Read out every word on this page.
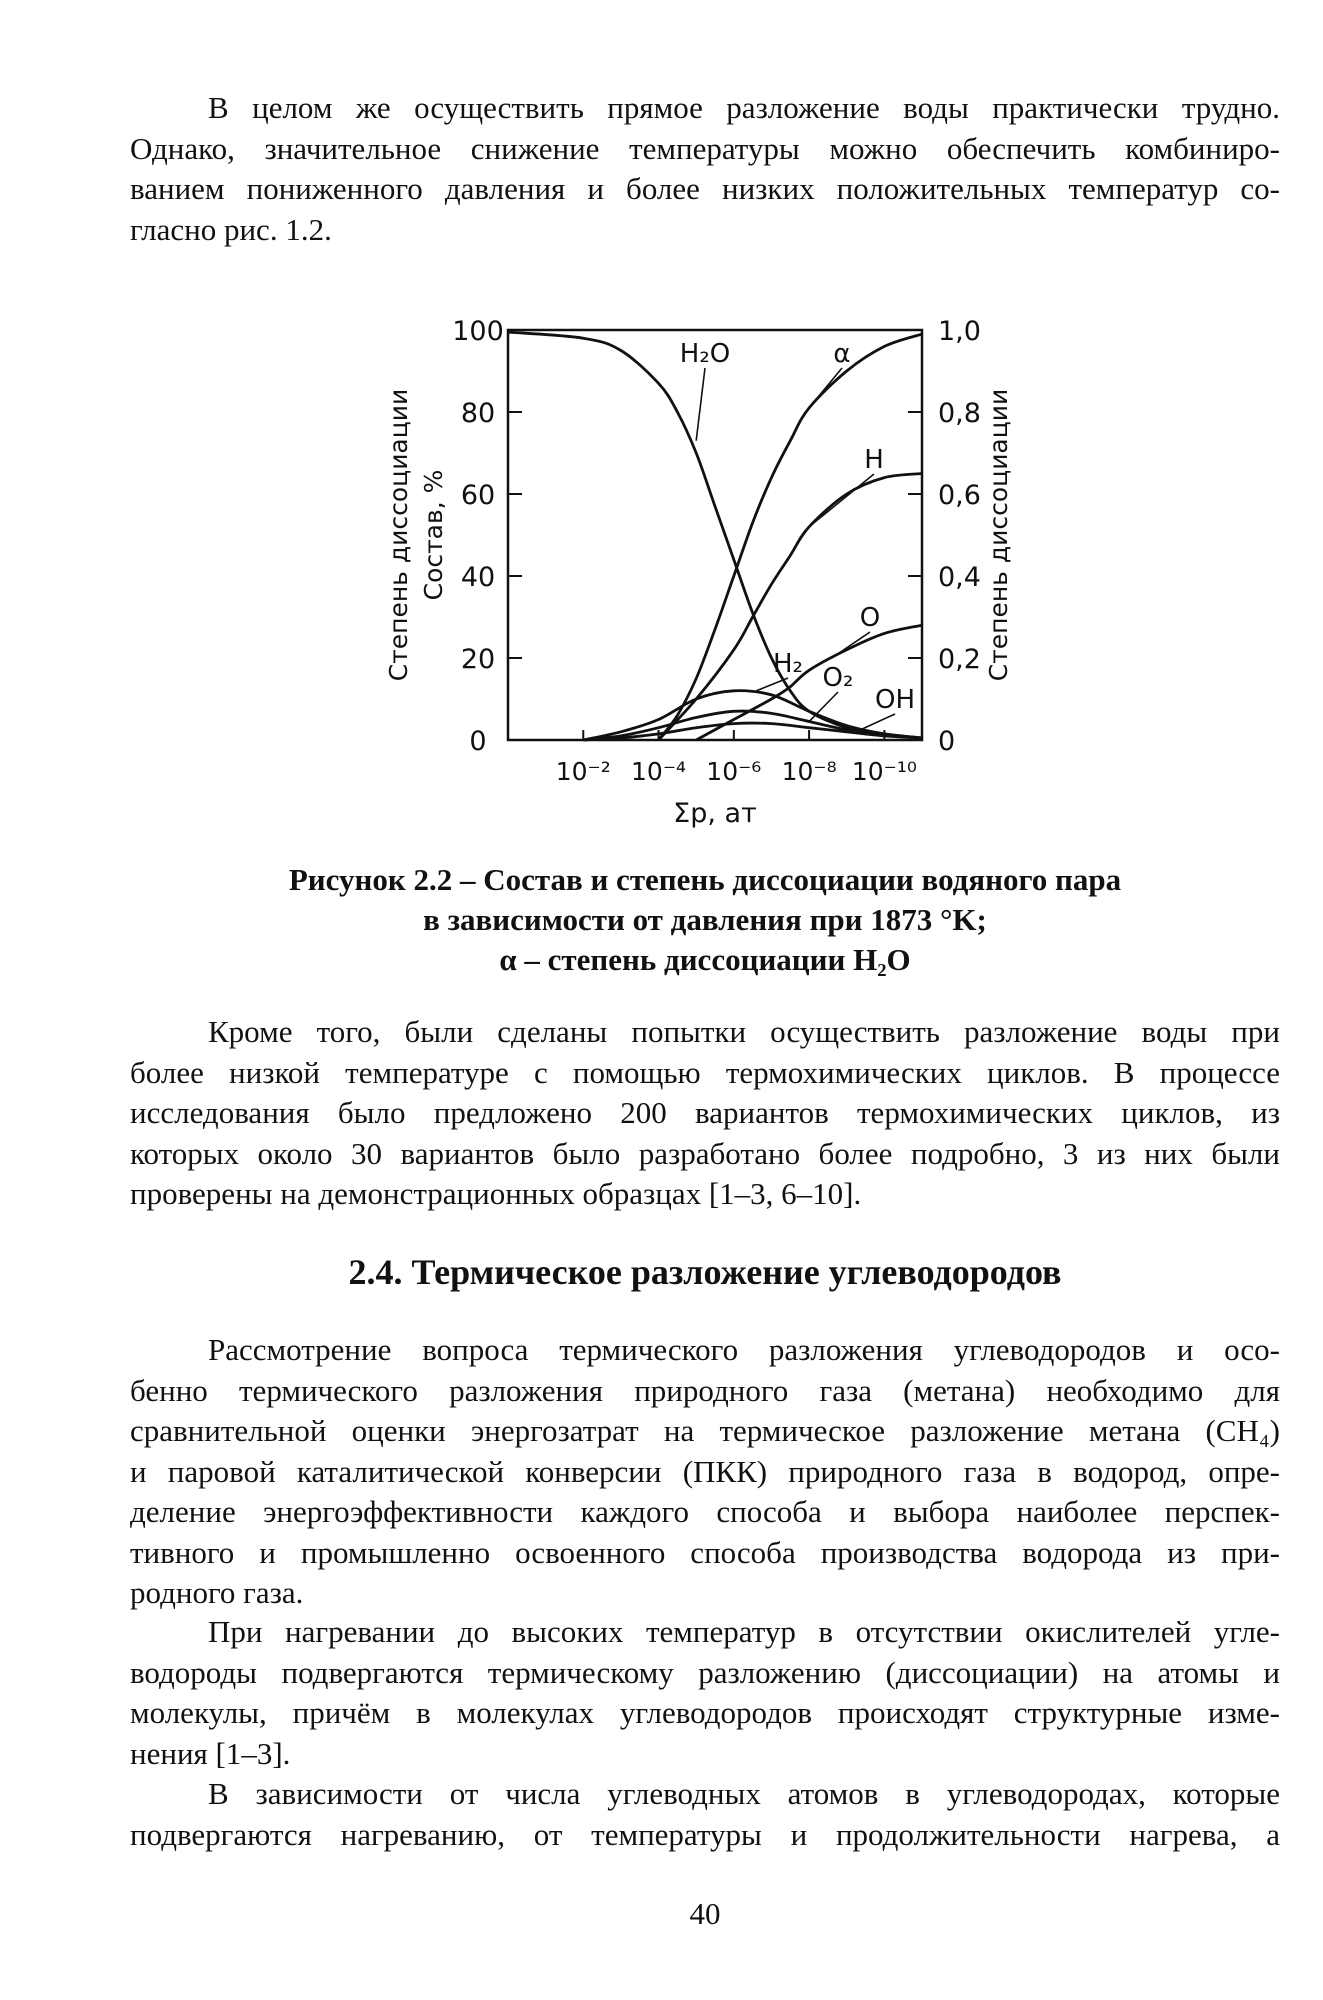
В целом же осуществить прямое разложение воды практически трудно.
Однако, значительное снижение температуры можно обеспечить комбиниро-
ванием пониженного давления и более низких положительных температур со-
гласно рис. 1.2.
0
20
40
60
80
100
0
0,2
0,4
0,6
0,8
1,0
10⁻² 10⁻⁴ 10⁻⁶ 10⁻⁸ 10⁻¹⁰
Σр, ат
Степень диссоциации Состав, %	Степень диссоциации
H₂O	α
H
O
H₂ O₂
OH
Рисунок 2.2 – Состав и степень диссоциации водяного пара
в зависимости от давления при 1873 °K;
α – степень диссоциации H₂O
Кроме того, были сделаны попытки осуществить разложение воды при
более низкой температуре с помощью термохимических циклов. В процессе
исследования было предложено 200 вариантов термохимических циклов, из
которых около 30 вариантов было разработано более подробно, 3 из них были
проверены на демонстрационных образцах [1–3, 6–10].
2.4. Термическое разложение углеводородов
Рассмотрение вопроса термического разложения углеводородов и осо-
бенно термического разложения природного газа (метана) необходимо для
сравнительной оценки энергозатрат на термическое разложение метана (CH₄)
и паровой каталитической конверсии (ПКК) природного газа в водород, опре-
деление энергоэффективности каждого способа и выбора наиболее перспек-
тивного и промышленно освоенного способа производства водорода из при-
родного газа.
При нагревании до высоких температур в отсутствии окислителей угле-
водороды подвергаются термическому разложению (диссоциации) на атомы и
молекулы, причём в молекулах углеводородов происходят структурные изме-
нения [1–3].
В зависимости от числа углеводных атомов в углеводородах, которые
подвергаются нагреванию, от температуры и продолжительности нагрева, а
40
